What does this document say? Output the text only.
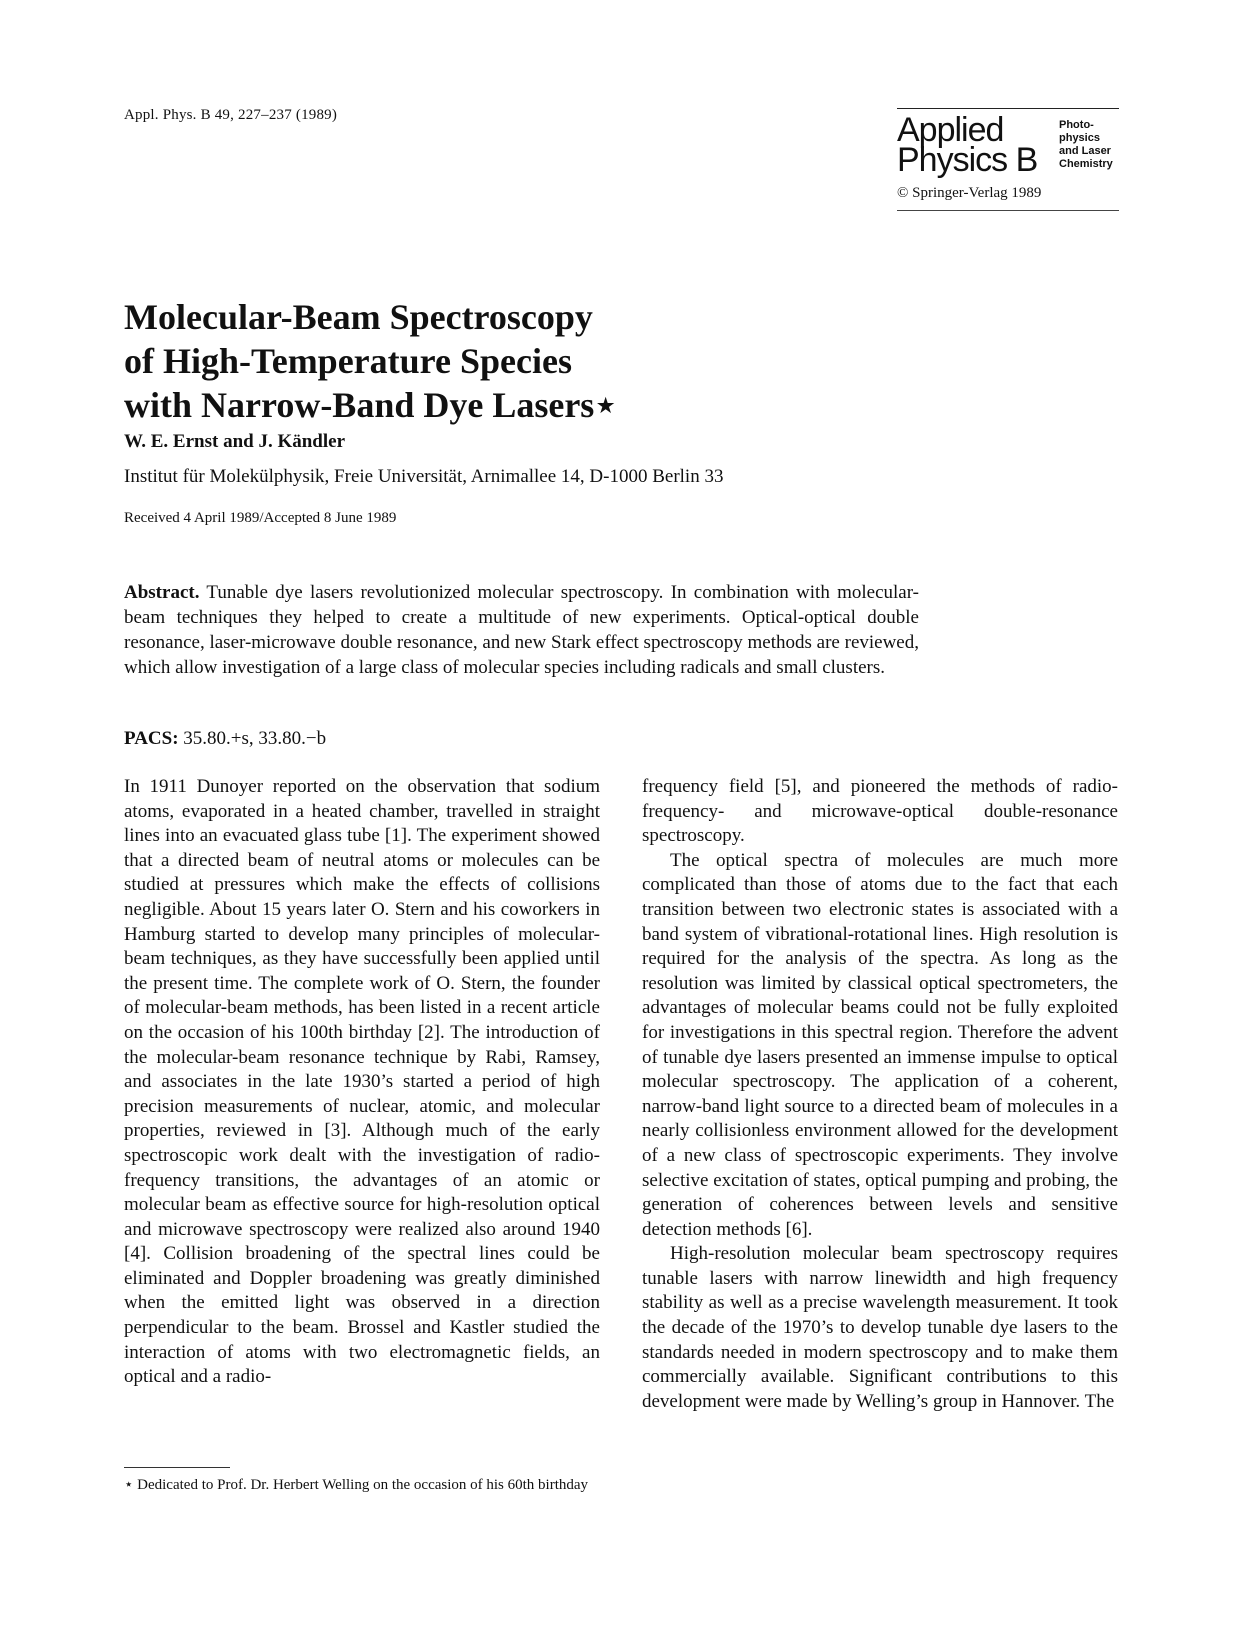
Appl. Phys. B 49, 227–237 (1989)	Applied
Physics B
Photo-
physics
and Laser
Chemistry
© Springer-Verlag 1989
Molecular-Beam Spectroscopy
of High-Temperature Species
with Narrow-Band Dye Lasers⋆
W. E. Ernst and J. Kändler
Institut für Molekülphysik, Freie Universität, Arnimallee 14, D-1000 Berlin 33
Received 4 April 1989/Accepted 8 June 1989
Abstract. Tunable dye lasers revolutionized molecular spectroscopy. In combination with molecular-beam techniques they helped to create a multitude of new experiments. Optical-optical double resonance, laser-microwave double resonance, and new Stark effect spectroscopy methods are reviewed, which allow investigation of a large class of molecular species including radicals and small clusters.
PACS: 35.80.+s, 33.80.−b

In 1911 Dunoyer reported on the observation that sodium atoms, evaporated in a heated chamber, travelled in straight lines into an evacuated glass tube [1]. The experiment showed that a directed beam of neutral atoms or molecules can be studied at pressures which make the effects of collisions negligible. About 15 years later O. Stern and his coworkers in Hamburg started to develop many principles of molecular-beam techniques, as they have successfully been applied until the present time. The complete work of O. Stern, the founder of molecular-beam methods, has been listed in a recent article on the occasion of his 100th birthday [2]. The introduction of the molecular-beam resonance technique by Rabi, Ramsey, and associates in the late 1930’s started a period of high precision measurements of nuclear, atomic, and molecular properties, reviewed in [3]. Although much of the early spectroscopic work dealt with the investigation of radio-frequency transitions, the advantages of an atomic or molecular beam as effective source for high-resolution optical and microwave spectroscopy were realized also around 1940 [4]. Collision broadening of the spectral lines could be eliminated and Doppler broadening was greatly diminished when the emitted light was observed in a direction perpendicular to the beam. Brossel and Kastler studied the interaction of atoms with two electromagnetic fields, an optical and a radio-

frequency field [5], and pioneered the methods of radio-frequency- and microwave-optical double-resonance spectroscopy.

The optical spectra of molecules are much more complicated than those of atoms due to the fact that each transition between two electronic states is associated with a band system of vibrational-rotational lines. High resolution is required for the analysis of the spectra. As long as the resolution was limited by classical optical spectrometers, the advantages of molecular beams could not be fully exploited for investigations in this spectral region. Therefore the advent of tunable dye lasers presented an immense impulse to optical molecular spectroscopy. The application of a coherent, narrow-band light source to a directed beam of molecules in a nearly collisionless environment allowed for the development of a new class of spectroscopic experiments. They involve selective excitation of states, optical pumping and probing, the generation of coherences between levels and sensitive detection methods [6].

High-resolution molecular beam spectroscopy requires tunable lasers with narrow linewidth and high frequency stability as well as a precise wavelength measurement. It took the decade of the 1970’s to develop tunable dye lasers to the standards needed in modern spectroscopy and to make them commercially available. Significant contributions to this development were made by Welling’s group in Hannover. The

⋆ Dedicated to Prof. Dr. Herbert Welling on the occasion of his 60th birthday
